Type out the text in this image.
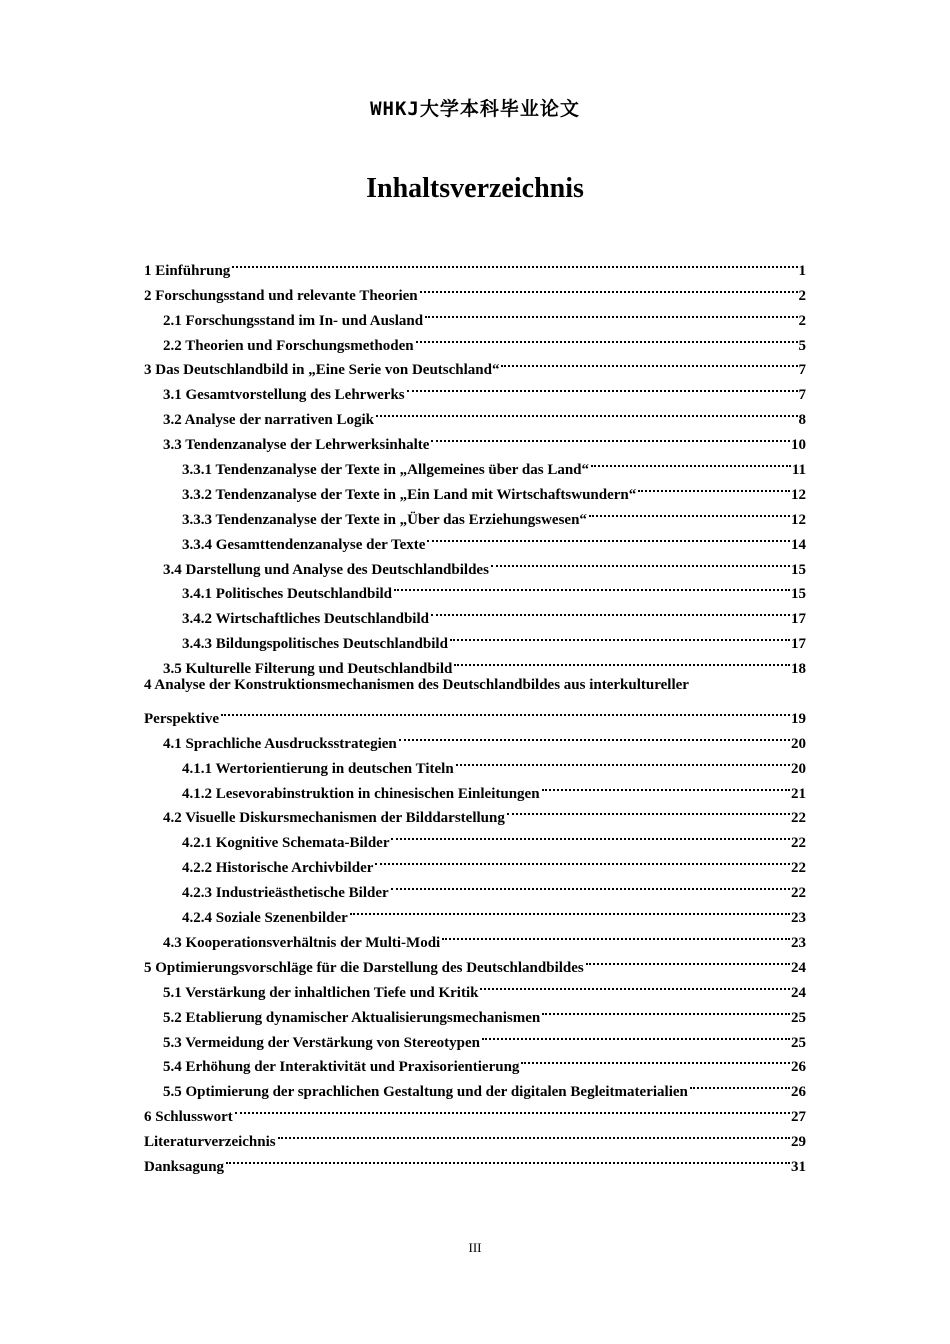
WHKJ大学本科毕业论文
Inhaltsverzeichnis
1 Einführung	1
2 Forschungsstand und relevante Theorien	2
2.1 Forschungsstand im In- und Ausland	2
2.2 Theorien und Forschungsmethoden	5
3 Das Deutschlandbild in „Eine Serie von Deutschland“	7
3.1 Gesamtvorstellung des Lehrwerks	7
3.2 Analyse der narrativen Logik	8
3.3 Tendenzanalyse der Lehrwerksinhalte	10
3.3.1 Tendenzanalyse der Texte in „Allgemeines über das Land“	11
3.3.2 Tendenzanalyse der Texte in „Ein Land mit Wirtschaftswundern“	12
3.3.3 Tendenzanalyse der Texte in „Über das Erziehungswesen“	12
3.3.4 Gesamttendenzanalyse der Texte	14
3.4 Darstellung und Analyse des Deutschlandbildes	15
3.4.1 Politisches Deutschlandbild	15
3.4.2 Wirtschaftliches Deutschlandbild	17
3.4.3 Bildungspolitisches Deutschlandbild	17
3.5 Kulturelle Filterung und Deutschlandbild	18
4 Analyse der Konstruktionsmechanismen des Deutschlandbildes aus interkultureller
Perspektive	19
4.1 Sprachliche Ausdrucksstrategien	20
4.1.1 Wertorientierung in deutschen Titeln	20
4.1.2 Lesevorabinstruktion in chinesischen Einleitungen	21
4.2 Visuelle Diskursmechanismen der Bilddarstellung	22
4.2.1 Kognitive Schemata-Bilder	22
4.2.2 Historische Archivbilder	22
4.2.3 Industrieästhetische Bilder	22
4.2.4 Soziale Szenenbilder	23
4.3 Kooperationsverhältnis der Multi-Modi	23
5 Optimierungsvorschläge für die Darstellung des Deutschlandbildes	24
5.1 Verstärkung der inhaltlichen Tiefe und Kritik	24
5.2 Etablierung dynamischer Aktualisierungsmechanismen	25
5.3 Vermeidung der Verstärkung von Stereotypen	25
5.4 Erhöhung der Interaktivität und Praxisorientierung	26
5.5 Optimierung der sprachlichen Gestaltung und der digitalen Begleitmaterialien	26
6 Schlusswort	27
Literaturverzeichnis	29
Danksagung	31
III
